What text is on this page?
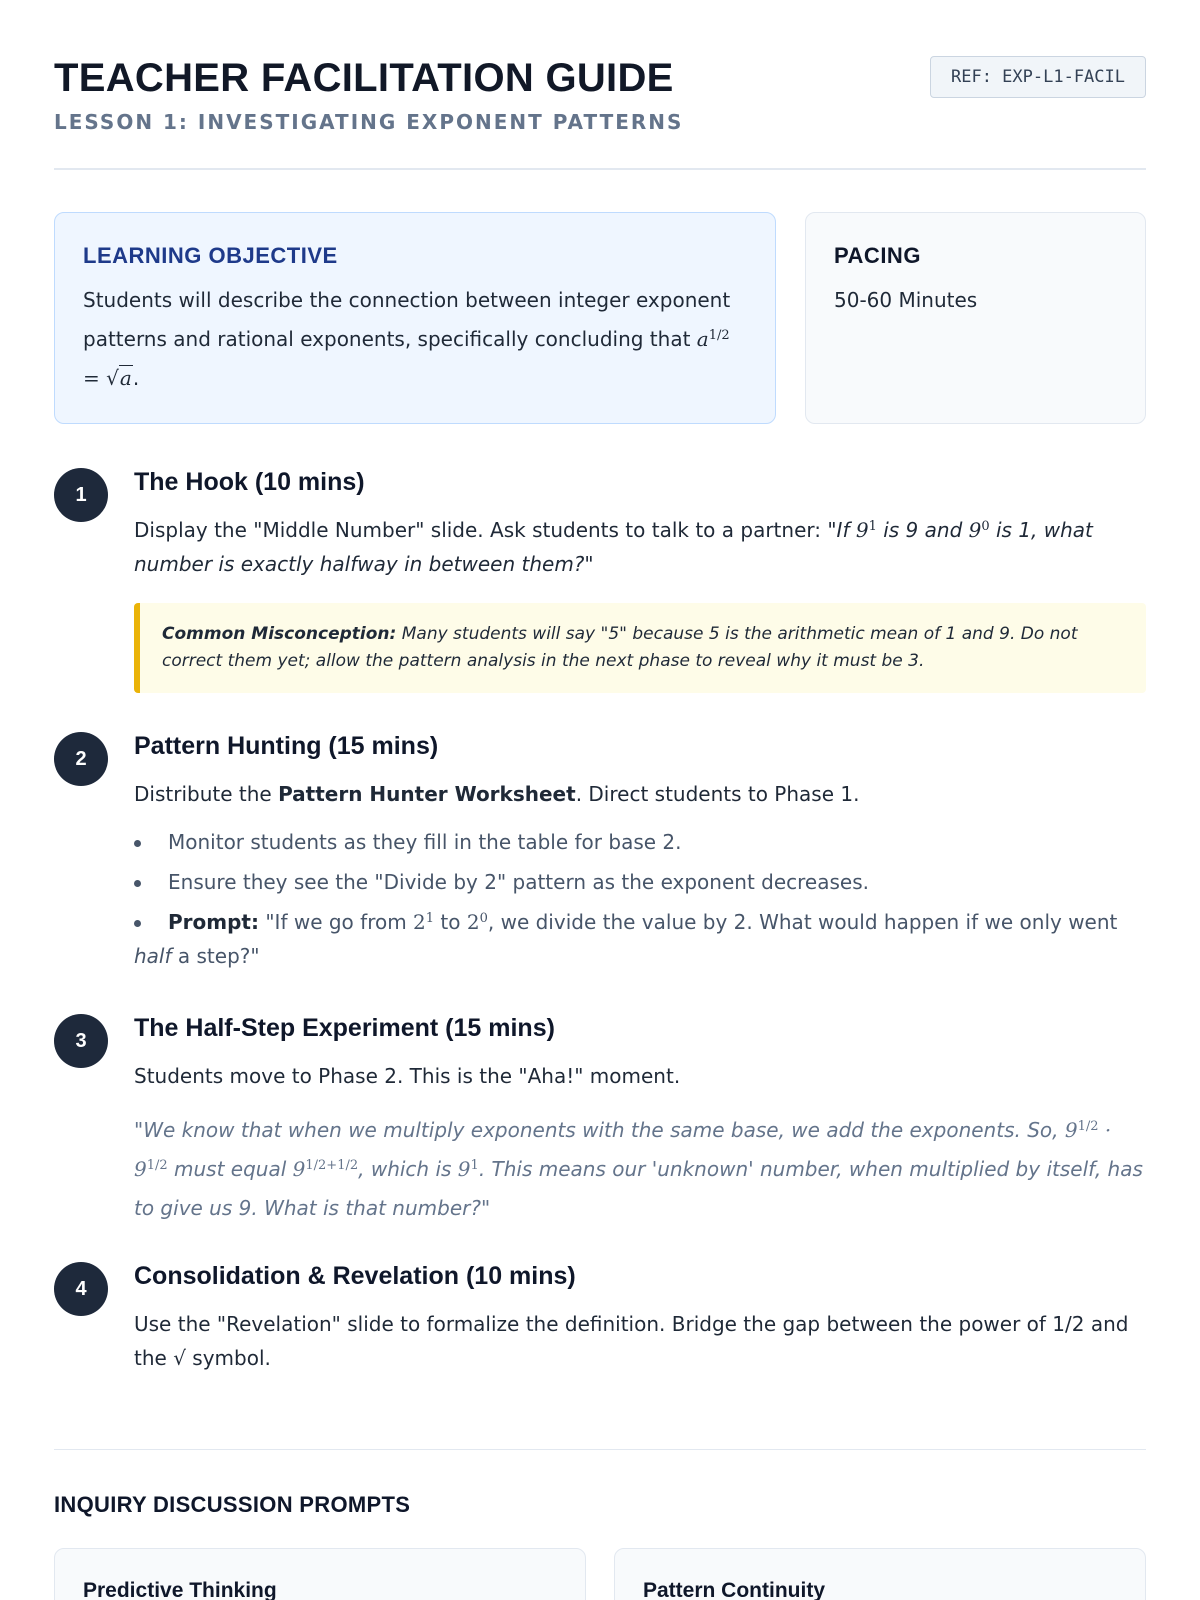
TEACHER FACILITATION GUIDE
LESSON 1: INVESTIGATING EXPONENT PATTERNS
REF: EXP-L1-FACIL
LEARNING OBJECTIVE
Students will describe the connection between integer exponent patterns and rational exponents, specifically concluding that $a^{1/2} = √a$.
PACING
50-60 Minutes
1	The Hook (10 mins)
Display the "Middle Number" slide. Ask students to talk to a partner: "If $9^1$ is 9 and $9^0$ is 1, what number is exactly halfway in between them?"
Common Misconception: Many students will say "5" because 5 is the arithmetic mean of 1 and 9. Do not correct them yet; allow the pattern analysis in the next phase to reveal why it must be 3.
2	Pattern Hunting (15 mins)
Distribute the Pattern Hunter Worksheet. Direct students to Phase 1.
Monitor students as they fill in the table for base 2.
Ensure they see the "Divide by 2" pattern as the exponent decreases.
Prompt: "If we go from $2^1$ to $2^0$, we divide the value by 2. What would happen if we only went half a step?"
3	The Half-Step Experiment (15 mins)
Students move to Phase 2. This is the "Aha!" moment.
"We know that when we multiply exponents with the same base, we add the exponents. So, $9^{1/2} \cdot 9^{1/2}$ must equal $9^{1/2+1/2}$, which is $9^1$. This means our 'unknown' number, when multiplied by itself, has to give us 9. What is that number?"
4	Consolidation & Revelation (10 mins)
Use the "Revelation" slide to formalize the definition. Bridge the gap between the power of 1/2 and the √ symbol.
INQUIRY DISCUSSION PROMPTS
Predictive Thinking	Pattern Continuity
